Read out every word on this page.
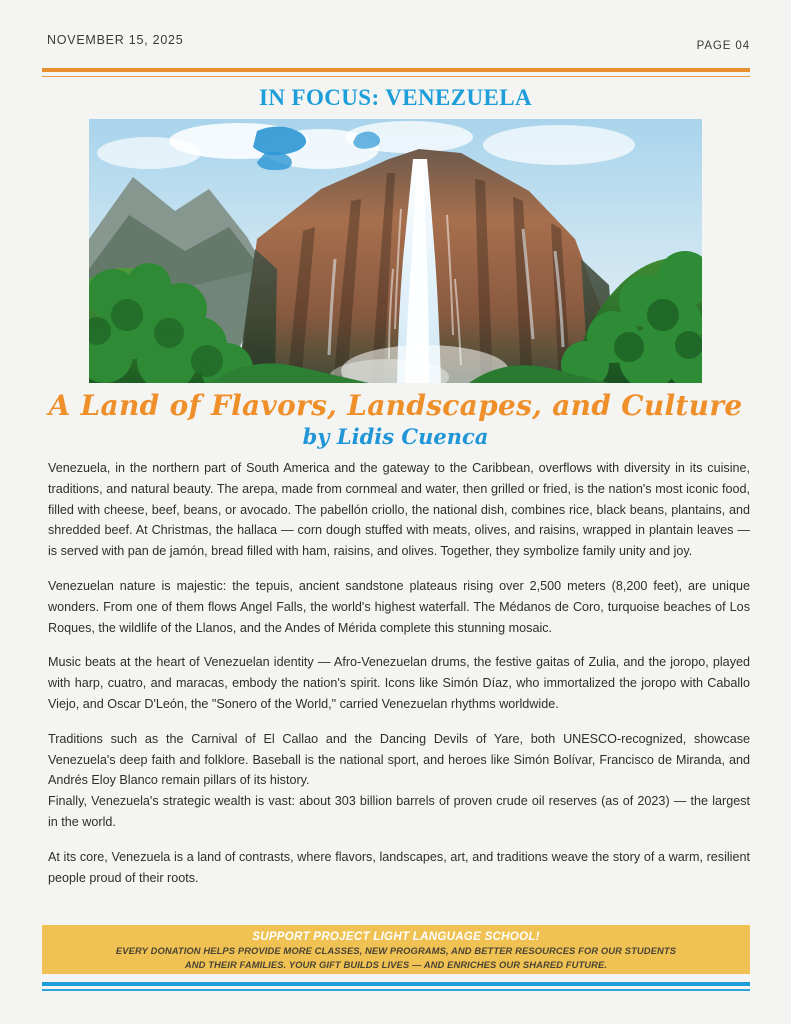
NOVEMBER 15, 2025	PAGE 04
IN FOCUS: VENEZUELA
A Land of Flavors, Landscapes, and Culture
by Lidis Cuenca

Venezuela, in the northern part of South America and the gateway to the Caribbean, overflows with diversity in its cuisine, traditions, and natural beauty. The arepa, made from cornmeal and water, then grilled or fried, is the nation's most iconic food, filled with cheese, beef, beans, or avocado. The pabellón criollo, the national dish, combines rice, black beans, plantains, and shredded beef. At Christmas, the hallaca — corn dough stuffed with meats, olives, and raisins, wrapped in plantain leaves — is served with pan de jamón, bread filled with ham, raisins, and olives. Together, they symbolize family unity and joy.

Venezuelan nature is majestic: the tepuis, ancient sandstone plateaus rising over 2,500 meters (8,200 feet), are unique wonders. From one of them flows Angel Falls, the world's highest waterfall. The Médanos de Coro, turquoise beaches of Los Roques, the wildlife of the Llanos, and the Andes of Mérida complete this stunning mosaic.

Music beats at the heart of Venezuelan identity — Afro-Venezuelan drums, the festive gaitas of Zulia, and the joropo, played with harp, cuatro, and maracas, embody the nation's spirit. Icons like Simón Díaz, who immortalized the joropo with Caballo Viejo, and Oscar D'León, the "Sonero of the World," carried Venezuelan rhythms worldwide.

Traditions such as the Carnival of El Callao and the Dancing Devils of Yare, both UNESCO-recognized, showcase Venezuela's deep faith and folklore. Baseball is the national sport, and heroes like Simón Bolívar, Francisco de Miranda, and Andrés Eloy Blanco remain pillars of its history.
Finally, Venezuela's strategic wealth is vast: about 303 billion barrels of proven crude oil reserves (as of 2023) — the largest in the world.

At its core, Venezuela is a land of contrasts, where flavors, landscapes, art, and traditions weave the story of a warm, resilient people proud of their roots.

SUPPORT PROJECT LIGHT LANGUAGE SCHOOL!
EVERY DONATION HELPS PROVIDE MORE CLASSES, NEW PROGRAMS, AND BETTER RESOURCES FOR OUR STUDENTS
AND THEIR FAMILIES. YOUR GIFT BUILDS LIVES — AND ENRICHES OUR SHARED FUTURE.
